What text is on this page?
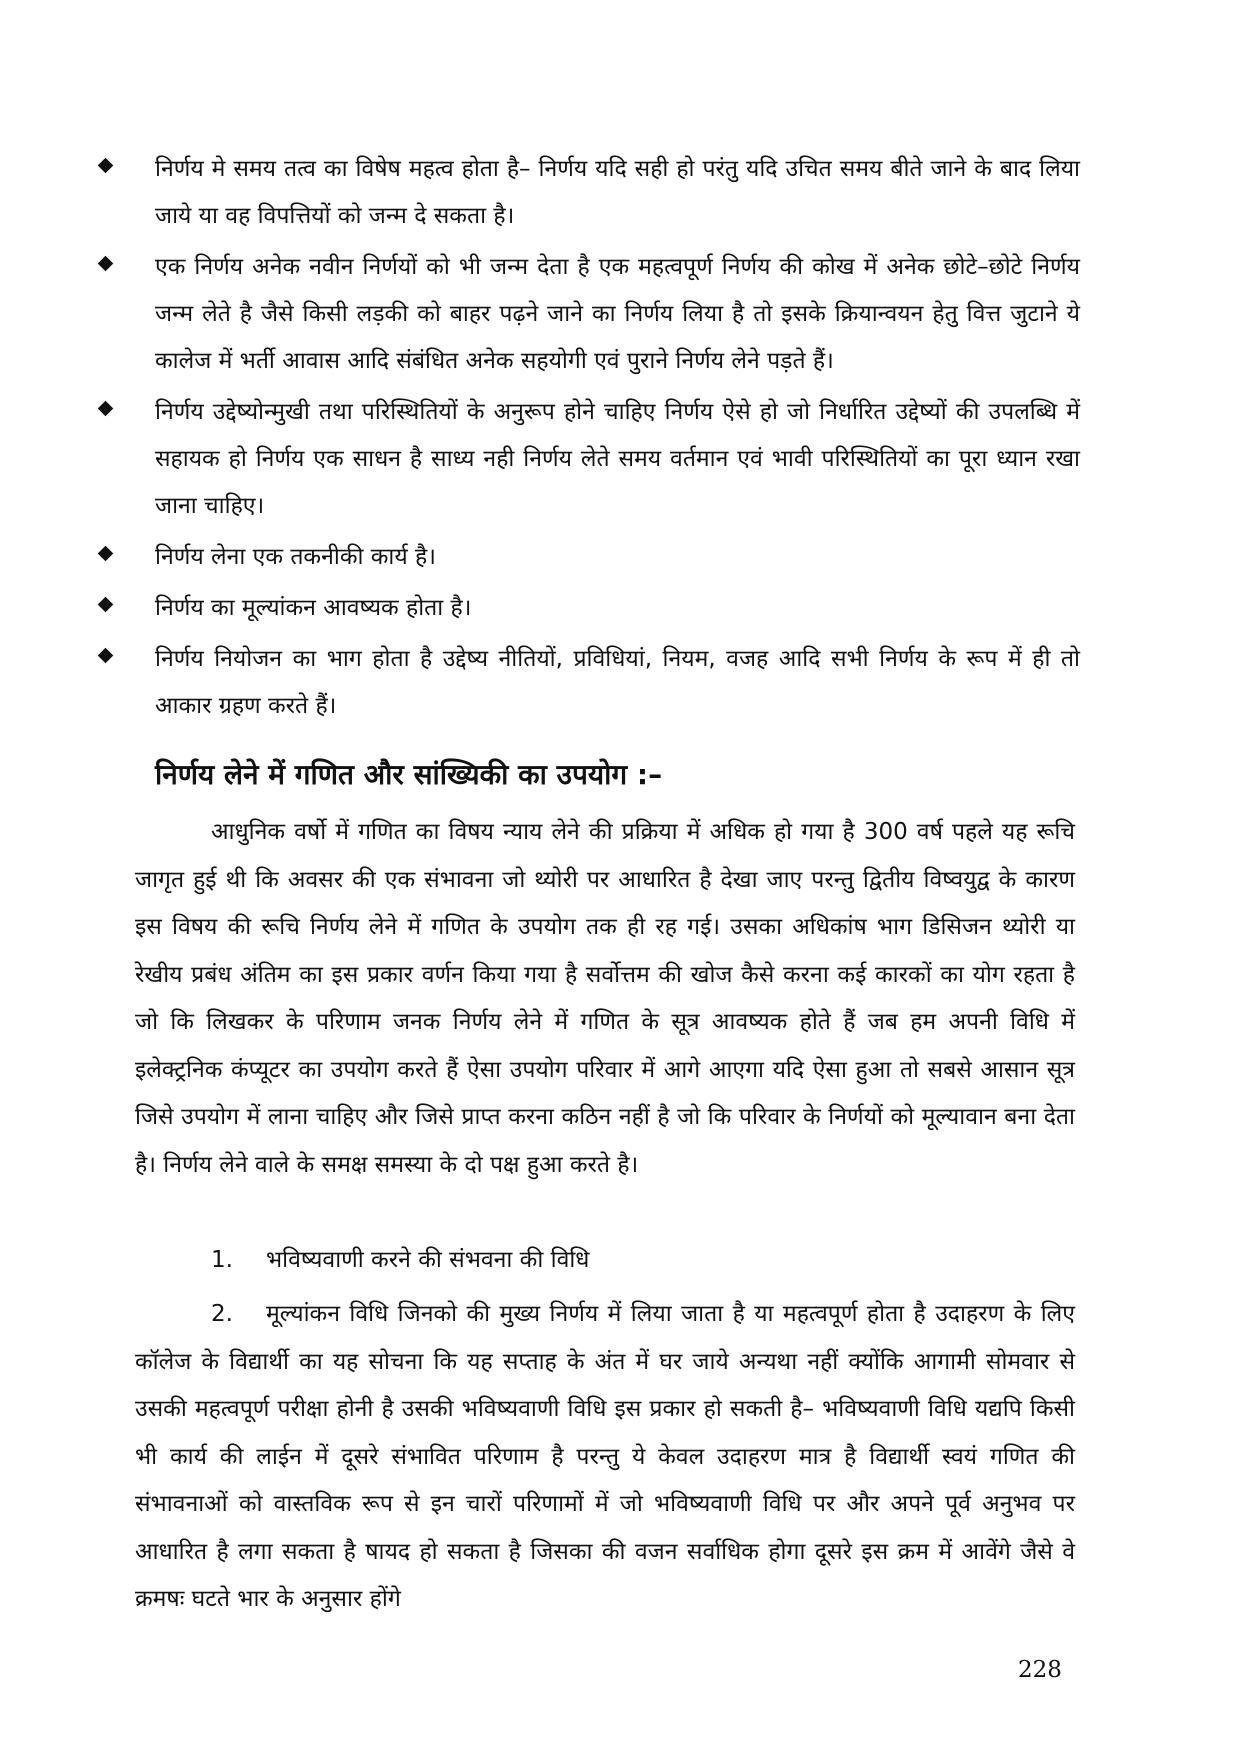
निर्णय मे समय तत्व का विषेष महत्व होता है– निर्णय यदि सही हो परंतु यदि उचित समय बीते जाने के बाद लिया जाये या वह विपत्तियों को जन्म दे सकता है।
एक निर्णय अनेक नवीन निर्णयों को भी जन्म देता है एक महत्वपूर्ण निर्णय की कोख में अनेक छोटे–छोटे निर्णय जन्म लेते है जैसे किसी लड़की को बाहर पढ़ने जाने का निर्णय लिया है तो इसके क्रियान्वयन हेतु वित्त जुटाने ये कालेज में भर्ती आवास आदि संबंधित अनेक सहयोगी एवं पुराने निर्णय लेने पड़ते हैं।
निर्णय उद्देष्योन्मुखी तथा परिस्थितियों के अनुरूप होने चाहिए निर्णय ऐसे हो जो निर्धारित उद्देष्यों की उपलब्धि में सहायक हो निर्णय एक साधन है साध्य नही निर्णय लेते समय वर्तमान एवं भावी परिस्थितियों का पूरा ध्यान रखा जाना चाहिए।
निर्णय लेना एक तकनीकी कार्य है।
निर्णय का मूल्यांकन आवष्यक होता है।
निर्णय नियोजन का भाग होता है उद्देष्य नीतियों, प्रविधियां, नियम, वजह आदि सभी निर्णय के रूप में ही तो आकार ग्रहण करते हैं।
निर्णय लेने में गणित और सांख्यिकी का उपयोग :–

आधुनिक वर्षो में गणित का विषय न्याय लेने की प्रक्रिया में अधिक हो गया है 300 वर्ष पहले यह रूचि जागृत हुई थी कि अवसर की एक संभावना जो थ्योरी पर आधारित है देखा जाए परन्तु द्वितीय विष्वयुद्व के कारण इस विषय की रूचि निर्णय लेने में गणित के उपयोग तक ही रह गई। उसका अधिकांष भाग डिसिजन थ्योरी या रेखीय प्रबंध अंतिम का इस प्रकार वर्णन किया गया है सर्वोत्तम की खोज कैसे करना कई कारकों का योग रहता है जो कि लिखकर के परिणाम जनक निर्णय लेने में गणित के सूत्र आवष्यक होते हैं जब हम अपनी विधि में इलेक्ट्रनिक कंप्यूटर का उपयोग करते हैं ऐसा उपयोग परिवार में आगे आएगा यदि ऐसा हुआ तो सबसे आसान सूत्र जिसे उपयोग में लाना चाहिए और जिसे प्राप्त करना कठिन नहीं है जो कि परिवार के निर्णयों को मूल्यावान बना देता है। निर्णय लेने वाले के समक्ष समस्या के दो पक्ष हुआ करते है।

1. भविष्यवाणी करने की संभवना की विधि

2. मूल्यांकन विधि जिनको की मुख्य निर्णय में लिया जाता है या महत्वपूर्ण होता है उदाहरण के लिए कॉलेज के विद्यार्थी का यह सोचना कि यह सप्ताह के अंत में घर जाये अन्यथा नहीं क्योंकि आगामी सोमवार से उसकी महत्वपूर्ण परीक्षा होनी है उसकी भविष्यवाणी विधि इस प्रकार हो सकती है– भविष्यवाणी विधि यद्यपि किसी भी कार्य की लाईन में दूसरे संभावित परिणाम है परन्तु ये केवल उदाहरण मात्र है विद्यार्थी स्वयं गणित की संभावनाओं को वास्तविक रूप से इन चारों परिणामों में जो भविष्यवाणी विधि पर और अपने पूर्व अनुभव पर आधारित है लगा सकता है षायद हो सकता है जिसका की वजन सर्वाधिक होगा दूसरे इस क्रम में आवेंगे जैसे वे क्रमषः घटते भार के अनुसार होंगे

228
